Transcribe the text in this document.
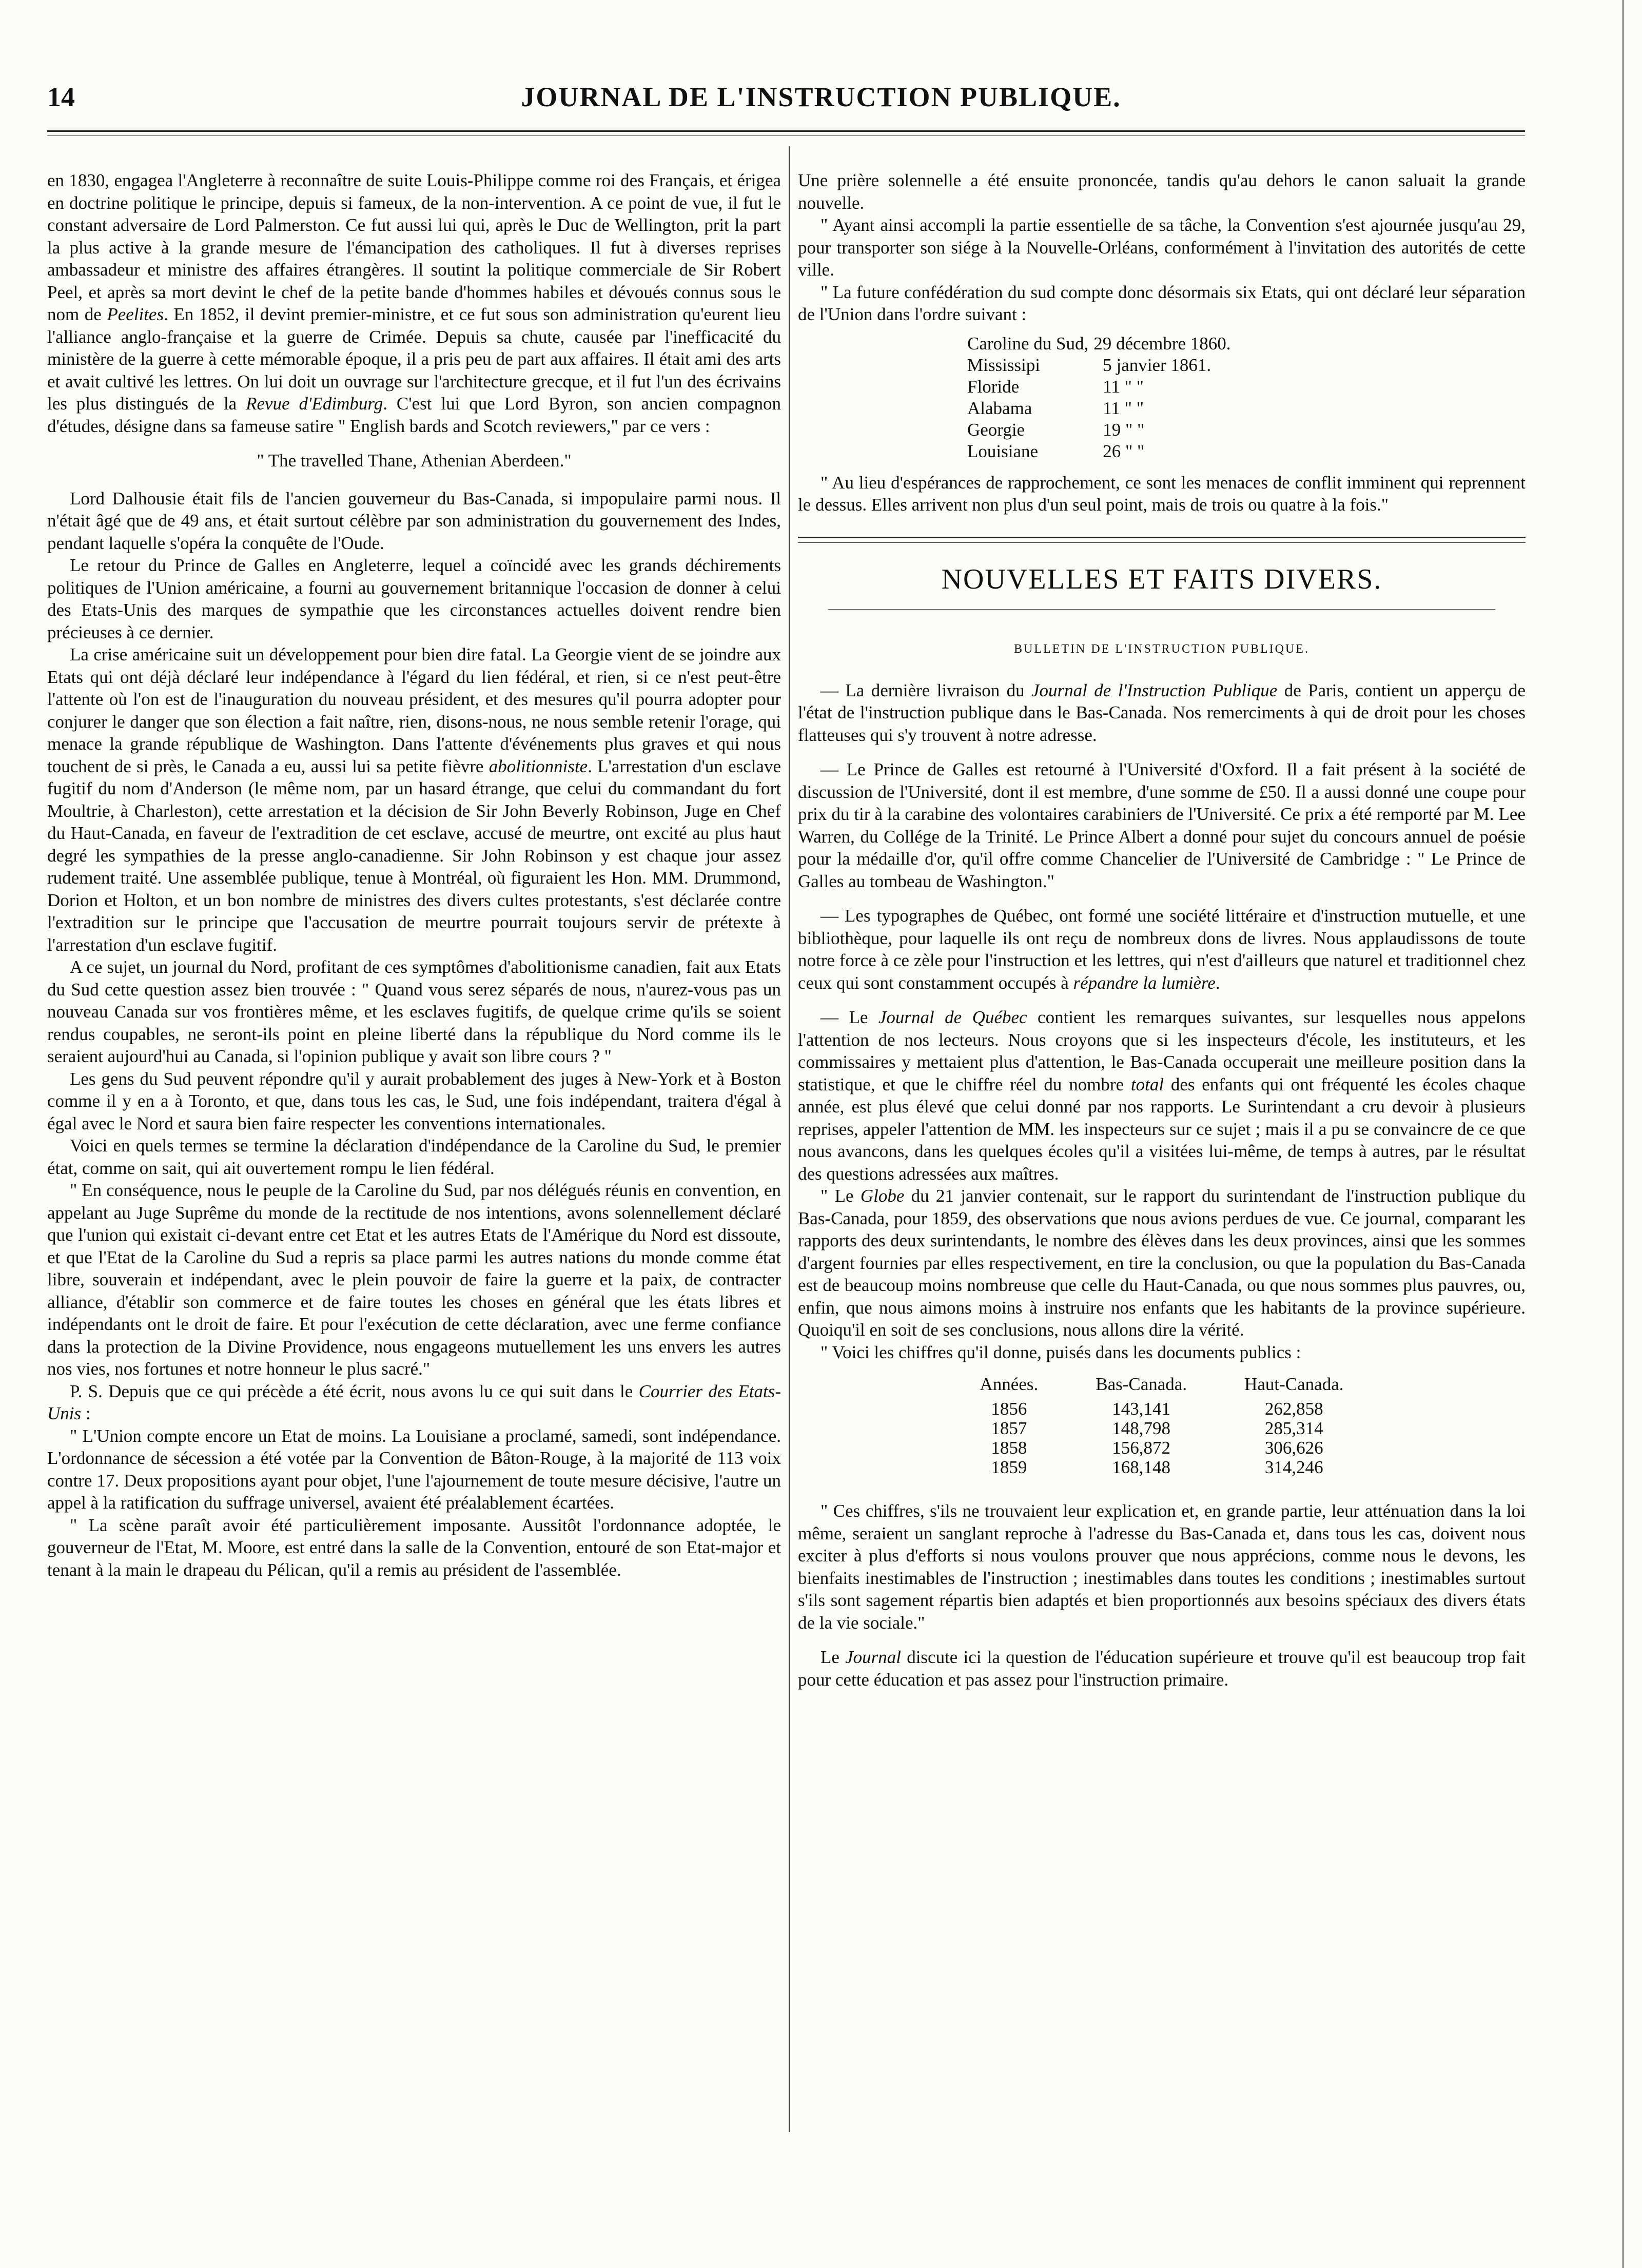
14	JOURNAL DE L'INSTRUCTION PUBLIQUE.

en 1830, engagea l'Angleterre à reconnaître de suite Louis-Philippe comme roi des Français, et érigea en doctrine politique le principe, depuis si fameux, de la non-intervention. A ce point de vue, il fut le constant adversaire de Lord Palmerston. Ce fut aussi lui qui, après le Duc de Wellington, prit la part la plus active à la grande mesure de l'émancipation des catholiques. Il fut à diverses reprises ambassadeur et ministre des affaires étrangères. Il soutint la politique commerciale de Sir Robert Peel, et après sa mort devint le chef de la petite bande d'hommes habiles et dévoués connus sous le nom de Peelites. En 1852, il devint premier-ministre, et ce fut sous son administration qu'eurent lieu l'alliance anglo-française et la guerre de Crimée. Depuis sa chute, causée par l'inefficacité du ministère de la guerre à cette mémorable époque, il a pris peu de part aux affaires. Il était ami des arts et avait cultivé les lettres. On lui doit un ouvrage sur l'architecture grecque, et il fut l'un des écrivains les plus distingués de la Revue d'Edimburg. C'est lui que Lord Byron, son ancien compagnon d'études, désigne dans sa fameuse satire " English bards and Scotch reviewers," par ce vers :

" The travelled Thane, Athenian Aberdeen."

Lord Dalhousie était fils de l'ancien gouverneur du Bas-Canada, si impopulaire parmi nous. Il n'était âgé que de 49 ans, et était surtout célèbre par son administration du gouvernement des Indes, pendant laquelle s'opéra la conquête de l'Oude.

Le retour du Prince de Galles en Angleterre, lequel a coïncidé avec les grands déchirements politiques de l'Union américaine, a fourni au gouvernement britannique l'occasion de donner à celui des Etats-Unis des marques de sympathie que les circonstances actuelles doivent rendre bien précieuses à ce dernier.

La crise américaine suit un développement pour bien dire fatal. La Georgie vient de se joindre aux Etats qui ont déjà déclaré leur indépendance à l'égard du lien fédéral, et rien, si ce n'est peut-être l'attente où l'on est de l'inauguration du nouveau président, et des mesures qu'il pourra adopter pour conjurer le danger que son élection a fait naître, rien, disons-nous, ne nous semble retenir l'orage, qui menace la grande république de Washington. Dans l'attente d'événements plus graves et qui nous touchent de si près, le Canada a eu, aussi lui sa petite fièvre abolitionniste. L'arrestation d'un esclave fugitif du nom d'Anderson (le même nom, par un hasard étrange, que celui du commandant du fort Moultrie, à Charleston), cette arrestation et la décision de Sir John Beverly Robinson, Juge en Chef du Haut-Canada, en faveur de l'extradition de cet esclave, accusé de meurtre, ont excité au plus haut degré les sympathies de la presse anglo-canadienne. Sir John Robinson y est chaque jour assez rudement traité. Une assemblée publique, tenue à Montréal, où figuraient les Hon. MM. Drummond, Dorion et Holton, et un bon nombre de ministres des divers cultes protestants, s'est déclarée contre l'extradition sur le principe que l'accusation de meurtre pourrait toujours servir de prétexte à l'arrestation d'un esclave fugitif.

A ce sujet, un journal du Nord, profitant de ces symptômes d'abolitionisme canadien, fait aux Etats du Sud cette question assez bien trouvée : " Quand vous serez séparés de nous, n'aurez-vous pas un nouveau Canada sur vos frontières même, et les esclaves fugitifs, de quelque crime qu'ils se soient rendus coupables, ne seront-ils point en pleine liberté dans la république du Nord comme ils le seraient aujourd'hui au Canada, si l'opinion publique y avait son libre cours ? "

Les gens du Sud peuvent répondre qu'il y aurait probablement des juges à New-York et à Boston comme il y en a à Toronto, et que, dans tous les cas, le Sud, une fois indépendant, traitera d'égal à égal avec le Nord et saura bien faire respecter les conventions internationales.

Voici en quels termes se termine la déclaration d'indépendance de la Caroline du Sud, le premier état, comme on sait, qui ait ouvertement rompu le lien fédéral.

" En conséquence, nous le peuple de la Caroline du Sud, par nos délégués réunis en convention, en appelant au Juge Suprême du monde de la rectitude de nos intentions, avons solennellement déclaré que l'union qui existait ci-devant entre cet Etat et les autres Etats de l'Amérique du Nord est dissoute, et que l'Etat de la Caroline du Sud a repris sa place parmi les autres nations du monde comme état libre, souverain et indépendant, avec le plein pouvoir de faire la guerre et la paix, de contracter alliance, d'établir son commerce et de faire toutes les choses en général que les états libres et indépendants ont le droit de faire. Et pour l'exécution de cette déclaration, avec une ferme confiance dans la protection de la Divine Providence, nous engageons mutuellement les uns envers les autres nos vies, nos fortunes et notre honneur le plus sacré."

P. S. Depuis que ce qui précède a été écrit, nous avons lu ce qui suit dans le Courrier des Etats-Unis :

" L'Union compte encore un Etat de moins. La Louisiane a proclamé, samedi, sont indépendance. L'ordonnance de sécession a été votée par la Convention de Bâton-Rouge, à la majorité de 113 voix contre 17. Deux propositions ayant pour objet, l'une l'ajournement de toute mesure décisive, l'autre un appel à la ratification du suffrage universel, avaient été préalablement écartées.

" La scène paraît avoir été particulièrement imposante. Aussitôt l'ordonnance adoptée, le gouverneur de l'Etat, M. Moore, est entré dans la salle de la Convention, entouré de son Etat-major et tenant à la main le drapeau du Pélican, qu'il a remis au président de l'assemblée.

Une prière solennelle a été ensuite prononcée, tandis qu'au dehors le canon saluait la grande nouvelle.

" Ayant ainsi accompli la partie essentielle de sa tâche, la Convention s'est ajournée jusqu'au 29, pour transporter son siége à la Nouvelle-Orléans, conformément à l'invitation des autorités de cette ville.

" La future confédération du sud compte donc désormais six Etats, qui ont déclaré leur séparation de l'Union dans l'ordre suivant :

Caroline du Sud,	29 décembre 1860.
Mississipi	5 janvier 1861.
Floride	11 " "
Alabama	11 " "
Georgie	19 " "
Louisiane	26 " "

" Au lieu d'espérances de rapprochement, ce sont les menaces de conflit imminent qui reprennent le dessus. Elles arrivent non plus d'un seul point, mais de trois ou quatre à la fois."

NOUVELLES ET FAITS DIVERS.
BULLETIN DE L'INSTRUCTION PUBLIQUE.

— La dernière livraison du Journal de l'Instruction Publique de Paris, contient un apperçu de l'état de l'instruction publique dans le Bas-Canada. Nos remerciments à qui de droit pour les choses flatteuses qui s'y trouvent à notre adresse.

— Le Prince de Galles est retourné à l'Université d'Oxford. Il a fait présent à la société de discussion de l'Université, dont il est membre, d'une somme de £50. Il a aussi donné une coupe pour prix du tir à la carabine des volontaires carabiniers de l'Université. Ce prix a été remporté par M. Lee Warren, du Collége de la Trinité. Le Prince Albert a donné pour sujet du concours annuel de poésie pour la médaille d'or, qu'il offre comme Chancelier de l'Université de Cambridge : " Le Prince de Galles au tombeau de Washington."

— Les typographes de Québec, ont formé une société littéraire et d'instruction mutuelle, et une bibliothèque, pour laquelle ils ont reçu de nombreux dons de livres. Nous applaudissons de toute notre force à ce zèle pour l'instruction et les lettres, qui n'est d'ailleurs que naturel et traditionnel chez ceux qui sont constamment occupés à répandre la lumière.

— Le Journal de Québec contient les remarques suivantes, sur lesquelles nous appelons l'attention de nos lecteurs. Nous croyons que si les inspecteurs d'école, les instituteurs, et les commissaires y mettaient plus d'attention, le Bas-Canada occuperait une meilleure position dans la statistique, et que le chiffre réel du nombre total des enfants qui ont fréquenté les écoles chaque année, est plus élevé que celui donné par nos rapports. Le Surintendant a cru devoir à plusieurs reprises, appeler l'attention de MM. les inspecteurs sur ce sujet ; mais il a pu se convaincre de ce que nous avancons, dans les quelques écoles qu'il a visitées lui-même, de temps à autres, par le résultat des questions adressées aux maîtres.

" Le Globe du 21 janvier contenait, sur le rapport du surintendant de l'instruction publique du Bas-Canada, pour 1859, des observations que nous avions perdues de vue. Ce journal, comparant les rapports des deux surintendants, le nombre des élèves dans les deux provinces, ainsi que les sommes d'argent fournies par elles respectivement, en tire la conclusion, ou que la population du Bas-Canada est de beaucoup moins nombreuse que celle du Haut-Canada, ou que nous sommes plus pauvres, ou, enfin, que nous aimons moins à instruire nos enfants que les habitants de la province supérieure. Quoiqu'il en soit de ses conclusions, nous allons dire la vérité.

" Voici les chiffres qu'il donne, puisés dans les documents publics :

Années.	Bas-Canada.	Haut-Canada.
1856	143,141	262,858
1857	148,798	285,314
1858	156,872	306,626
1859	168,148	314,246

" Ces chiffres, s'ils ne trouvaient leur explication et, en grande partie, leur atténuation dans la loi même, seraient un sanglant reproche à l'adresse du Bas-Canada et, dans tous les cas, doivent nous exciter à plus d'efforts si nous voulons prouver que nous apprécions, comme nous le devons, les bienfaits inestimables de l'instruction ; inestimables dans toutes les conditions ; inestimables surtout s'ils sont sagement répartis bien adaptés et bien proportionnés aux besoins spéciaux des divers états de la vie sociale."

Le Journal discute ici la question de l'éducation supérieure et trouve qu'il est beaucoup trop fait pour cette éducation et pas assez pour l'instruction primaire.
